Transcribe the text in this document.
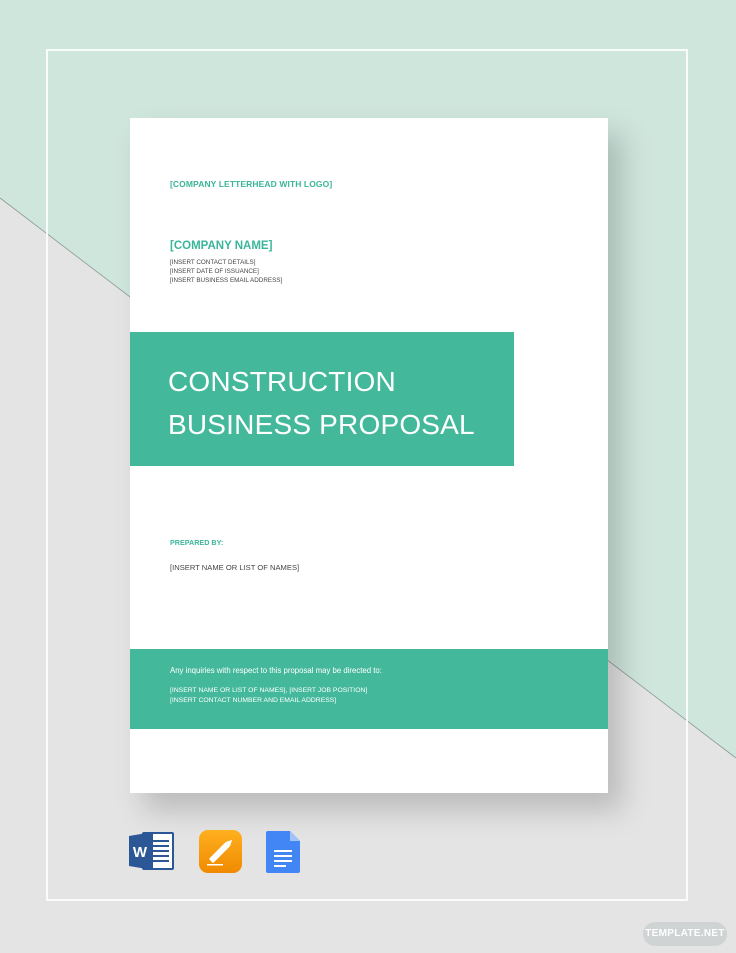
[COMPANY LETTERHEAD WITH LOGO]
[COMPANY NAME]
[INSERT CONTACT DETAILS]
[INSERT DATE OF ISSUANCE]
[INSERT BUSINESS EMAIL ADDRESS]
CONSTRUCTION
BUSINESS PROPOSAL
PREPARED BY:
[INSERT NAME OR LIST OF NAMES]
Any inquiries with respect to this proposal may be directed to:
[INSERT NAME OR LIST OF NAMES], [INSERT JOB POSITION]
[INSERT CONTACT NUMBER AND EMAIL ADDRESS]
W
TEMPLATE.NET
